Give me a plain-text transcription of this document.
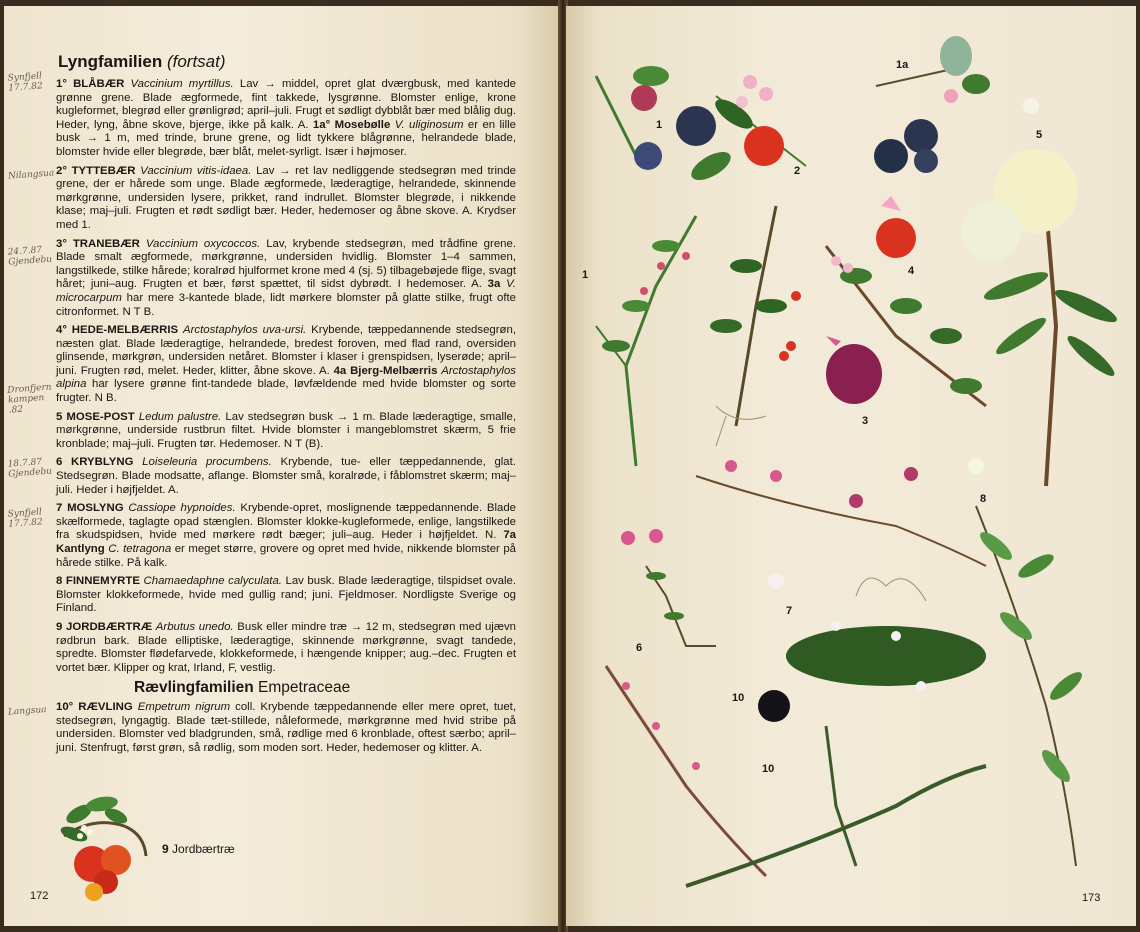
Lyngfamilien (fortsat)
Synfjell 17.7.82
Nilangsua
24.7.87 Gjendebu
Dronfjern kampen .82
18.7.87 Gjendebu
Synfjell 17.7.82
Langsua

1° BLÅBÆR Vaccinium myrtillus. Lav → middel, opret glat dværgbusk, med kantede grønne grene. Blade ægformede, fint takkede, lysgrønne. Blomster enlige, krone kugleformet, blegrød eller grønligrød; april–juli. Frugt et sødligt dybblåt bær med blålig dug. Heder, lyng, åbne skove, bjerge, ikke på kalk. A. 1a° Mosebølle V. uliginosum er en lille busk → 1 m, med trinde, brune grene, og lidt tykkere blågrønne, helrandede blade, blomster hvide eller blegrøde, bær blåt, melet-syrligt. Især i højmoser.

2° TYTTEBÆR Vaccinium vitis-idaea. Lav → ret lav nedliggende stedsegrøn med trinde grene, der er hårede som unge. Blade ægformede, læderagtige, helrandede, skinnende mørkgrønne, undersiden lysere, prikket, rand indrullet. Blomster blegrøde, i nikkende klase; maj–juli. Frugten et rødt sødligt bær. Heder, hedemoser og åbne skove. A. Krydser med 1.

3° TRANEBÆR Vaccinium oxycoccos. Lav, krybende stedsegrøn, med trådfine grene. Blade smalt ægformede, mørkgrønne, undersiden hvidlig. Blomster 1–4 sammen, langstilkede, stilke hårede; koralrød hjulformet krone med 4 (sj. 5) tilbagebøjede flige, svagt håret; juni–aug. Frugten et bær, først spættet, til sidst dybrødt. I hedemoser. A. 3a V. microcarpum har mere 3-kantede blade, lidt mørkere blomster på glatte stilke, frugt ofte citronformet. N T B.

4° HEDE-MELBÆRRIS Arctostaphylos uva-ursi. Krybende, tæppedannende stedsegrøn, næsten glat. Blade læderagtige, helrandede, bredest foroven, med flad rand, oversiden glinsende, mørkgrøn, undersiden netåret. Blomster i klaser i grenspidsen, lyserøde; april–juni. Frugten rød, melet. Heder, klitter, åbne skove. A. 4a Bjerg-Melbærris Arctostaphylos alpina har lysere grønne fint-tandede blade, løvfældende med hvide blomster og sorte frugter. N B.

5 MOSE-POST Ledum palustre. Lav stedsegrøn busk → 1 m. Blade læderagtige, smalle, mørkgrønne, underside rustbrun filtet. Hvide blomster i mangeblomstret skærm, 5 frie kronblade; maj–juli. Frugten tør. Hedemoser. N T (B).

6 KRYBLYNG Loiseleuria procumbens. Krybende, tue- eller tæppedannende, glat. Stedsegrøn. Blade modsatte, aflange. Blomster små, koralrøde, i fåblomstret skærm; maj–juli. Heder i højfjeldet. A.

7 MOSLYNG Cassiope hypnoides. Krybende-opret, moslignende tæppedannende. Blade skælformede, taglagte opad stænglen. Blomster klokke-kugleformede, enlige, langstilkede fra skudspidsen, hvide med mørkere rødt bæger; juli–aug. Heder i højfjeldet. N. 7a Kantlyng C. tetragona er meget større, grovere og opret med hvide, nikkende blomster på hårede stilke. På kalk.

8 FINNEMYRTE Chamaedaphne calyculata. Lav busk. Blade læderagtige, tilspidset ovale. Blomster klokkeformede, hvide med gullig rand; juni. Fjeldmoser. Nordligste Sverige og Finland.

9 JORDBÆRTRÆ Arbutus unedo. Busk eller mindre træ → 12 m, stedsegrøn med ujævn rødbrun bark. Blade elliptiske, læderagtige, skinnende mørkgrønne, svagt tandede, spredte. Blomster flødefarvede, klokkeformede, i hængende knipper; aug.–dec. Frugten et vortet bær. Klipper og krat, Irland, F, vestlig.

Rævlingfamilien Empetraceae

10° RÆVLING Empetrum nigrum coll. Krybende tæppedannende eller mere opret, tuet, stedsegrøn, lyngagtig. Blade tæt-stillede, nåleformede, mørkgrønne med hvid stribe på undersiden. Blomster ved bladgrunden, små, rødlige med 6 kronblade, oftest særbo; april–juni. Stenfrugt, først grøn, så rødlig, som moden sort. Heder, hedemoser og klitter. A.

9 Jordbærtræ
172
1
2
1a
5
4
1
3
8
6
7
10
10
173
